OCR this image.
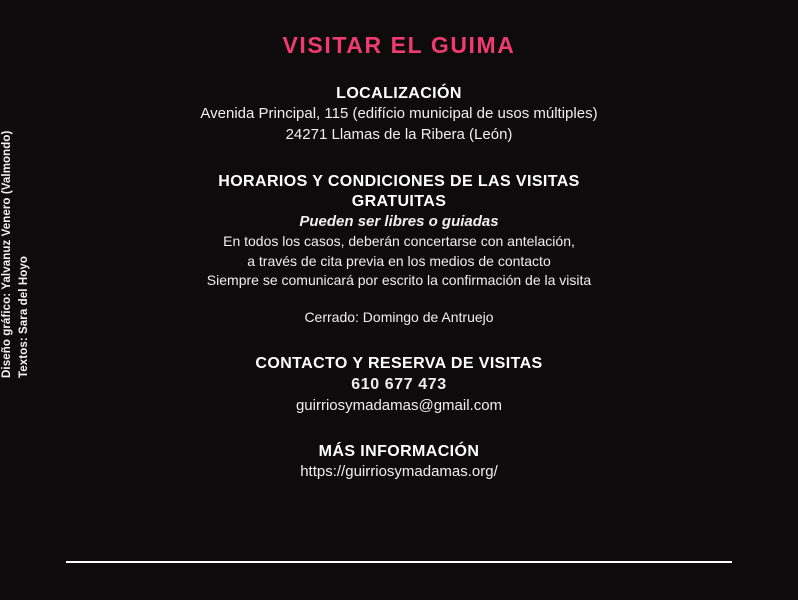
Diseño gráfico: Yalvanuz Venero (Valmondo) Textos: Sara del Hoyo
VISITAR EL GUIMA
LOCALIZACIÓN
Avenida Principal, 115 (edifício municipal de usos múltiples)
24271 Llamas de la Ribera (León)
HORARIOS Y CONDICIONES DE LAS VISITAS
GRATUITAS
Pueden ser libres o guiadas
En todos los casos, deberán concertarse con antelación,
a través de cita previa en los medios de contacto
Siempre se comunicará por escrito la confirmación de la visita
Cerrado: Domingo de Antruejo
CONTACTO Y RESERVA DE VISITAS
610 677 473
guirriosymadamas@gmail.com
MÁS INFORMACIÓN
https://guirriosymadamas.org/
